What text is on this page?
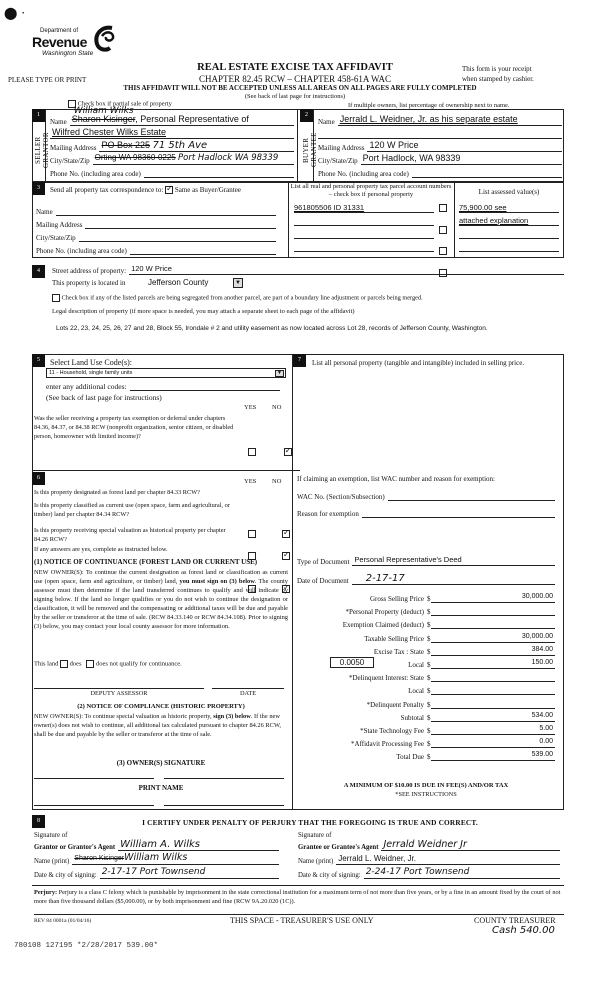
⬤ ·
Department of
Revenue
Washington State
PLEASE TYPE OR PRINT
REAL ESTATE EXCISE TAX AFFIDAVIT
CHAPTER 82.45 RCW – CHAPTER 458-61A WAC
This form is your receipt
when stamped by cashier.
THIS AFFIDAVIT WILL NOT BE ACCEPTED UNLESS ALL AREAS ON ALL PAGES ARE FULLY COMPLETED
(See back of last page for instructions)
Check box if partial sale of property	If multiple owners, list percentage of ownership next to name.
1
SELLER
GRANTOR
Name Sharon Kisinger, Personal Representative of
William Wilks
Wilfred Chester Wilks Estate
Mailing Address PO Box 225 71 5th Ave
City/State/Zip Orting WA 98360-0225 Port Hadlock WA 98339
Phone No. (including area code)
2
BUYER
GRANTEE
Name Jerrald L. Weidner, Jr. as his separate estate
Mailing Address 120 W Price
City/State/Zip Port Hadlock, WA 98339
Phone No. (including area code)
3	Send all property tax correspondence to: ✓ Same as Buyer/Grantee
Name
Mailing Address
City/State/Zip
Phone No. (including area code)
List all real and personal property tax parcel account numbers – check box if personal property	List assessed value(s)
961805506 ID 31331	75,900.00 see
attached explanation
4	Street address of property: 120 W Price
This property is located in	Jefferson County	▼
Check box if any of the listed parcels are being segregated from another parcel, are part of a boundary line adjustment or parcels being merged.
Legal description of property (if more space is needed, you may attach a separate sheet to each page of the affidavit)
Lots 22, 23, 24, 25, 26, 27 and 28, Block 55, Irondale # 2 and utility easement as now located across Lot 28, records of Jefferson County, Washington.
5	Select Land Use Code(s):
11 - Household, single family units	▼
enter any additional codes:
(See back of last page for instructions)
YES NO

Was the seller receiving a property tax exemption or deferral under chapters 84.36, 84.37, or 84.38 RCW (nonprofit organization, senior citizen, or disabled person, homeowner with limited income)?

✓
6	YES NO

Is this property designated as forest land per chapter 84.33 RCW?

✓

Is this property classified as current use (open space, farm and agricultural, or timber) land per chapter 84.34 RCW?

✓

Is this property receiving special valuation as historical property per chapter 84.26 RCW?

✓
If any answers are yes, complete as instructed below.
(1) NOTICE OF CONTINUANCE (FOREST LAND OR CURRENT USE)

NEW OWNER(S): To continue the current designation as forest land or classification as current use (open space, farm and agriculture, or timber) land, you must sign on (3) below. The county assessor must then determine if the land transferred continues to qualify and will indicate by signing below. If the land no longer qualifies or you do not wish to continue the designation or classification, it will be removed and the compensating or additional taxes will be due and payable by the seller or transferor at the time of sale. (RCW 84.33.140 or RCW 84.34.108). Prior to signing (3) below, you may contact your local county assessor for more information.

This land does does not qualify for continuance.
DEPUTY ASSESSOR	DATE
(2) NOTICE OF COMPLIANCE (HISTORIC PROPERTY)

NEW OWNER(S): To continue special valuation as historic property, sign (3) below. If the new owner(s) does not wish to continue, all additional tax calculated pursuant to chapter 84.26 RCW, shall be due and payable by the seller or transferor at the time of sale.

(3) OWNER(S) SIGNATURE
PRINT NAME
7	List all personal property (tangible and intangible) included in selling price.
If claiming an exemption, list WAC number and reason for exemption:
WAC No. (Section/Subsection)
Reason for exemption
Type of Document Personal Representative's Deed
Date of Document	2-17-17
0.0050
Gross Selling Price $	30,000.00
*Personal Property (deduct) $
Exemption Claimed (deduct) $
Taxable Selling Price $	30,000.00
Excise Tax : State $	384.00
Local $	150.00
*Delinquent Interest: State $
Local $
*Delinquent Penalty $
Subtotal $	534.00
*State Technology Fee $	5.00
*Affidavit Processing Fee $	0.00
Total Due $	539.00
A MINIMUM OF $10.00 IS DUE IN FEE(S) AND/OR TAX
*SEE INSTRUCTIONS
8	I CERTIFY UNDER PENALTY OF PERJURY THAT THE FOREGOING IS TRUE AND CORRECT.
Signature of
Grantor or Grantor's Agent William A. Wilks
Name (print) Sharon KisingerWilliam Wilks
Date & city of signing: 2-17-17 Port Townsend
Signature of
Grantee or Grantee's Agent Jerrald Weidner Jr
Name (print) Jerrald L. Weidner, Jr.
Date & city of signing: 2-24-17 Port Townsend
Perjury: Perjury is a class C felony which is punishable by imprisonment in the state correctional institution for a maximum term of not more than five years, or by a fine in an amount fixed by the court of not more than five thousand dollars ($5,000.00), or by both imprisonment and fine (RCW 9A.20.020 (1C)).
REV 84 0001a (01/04/16)	THIS SPACE - TREASURER'S USE ONLY	COUNTY TREASURER
Cash 540.00
780108 127195 *2/28/2017 539.00*
